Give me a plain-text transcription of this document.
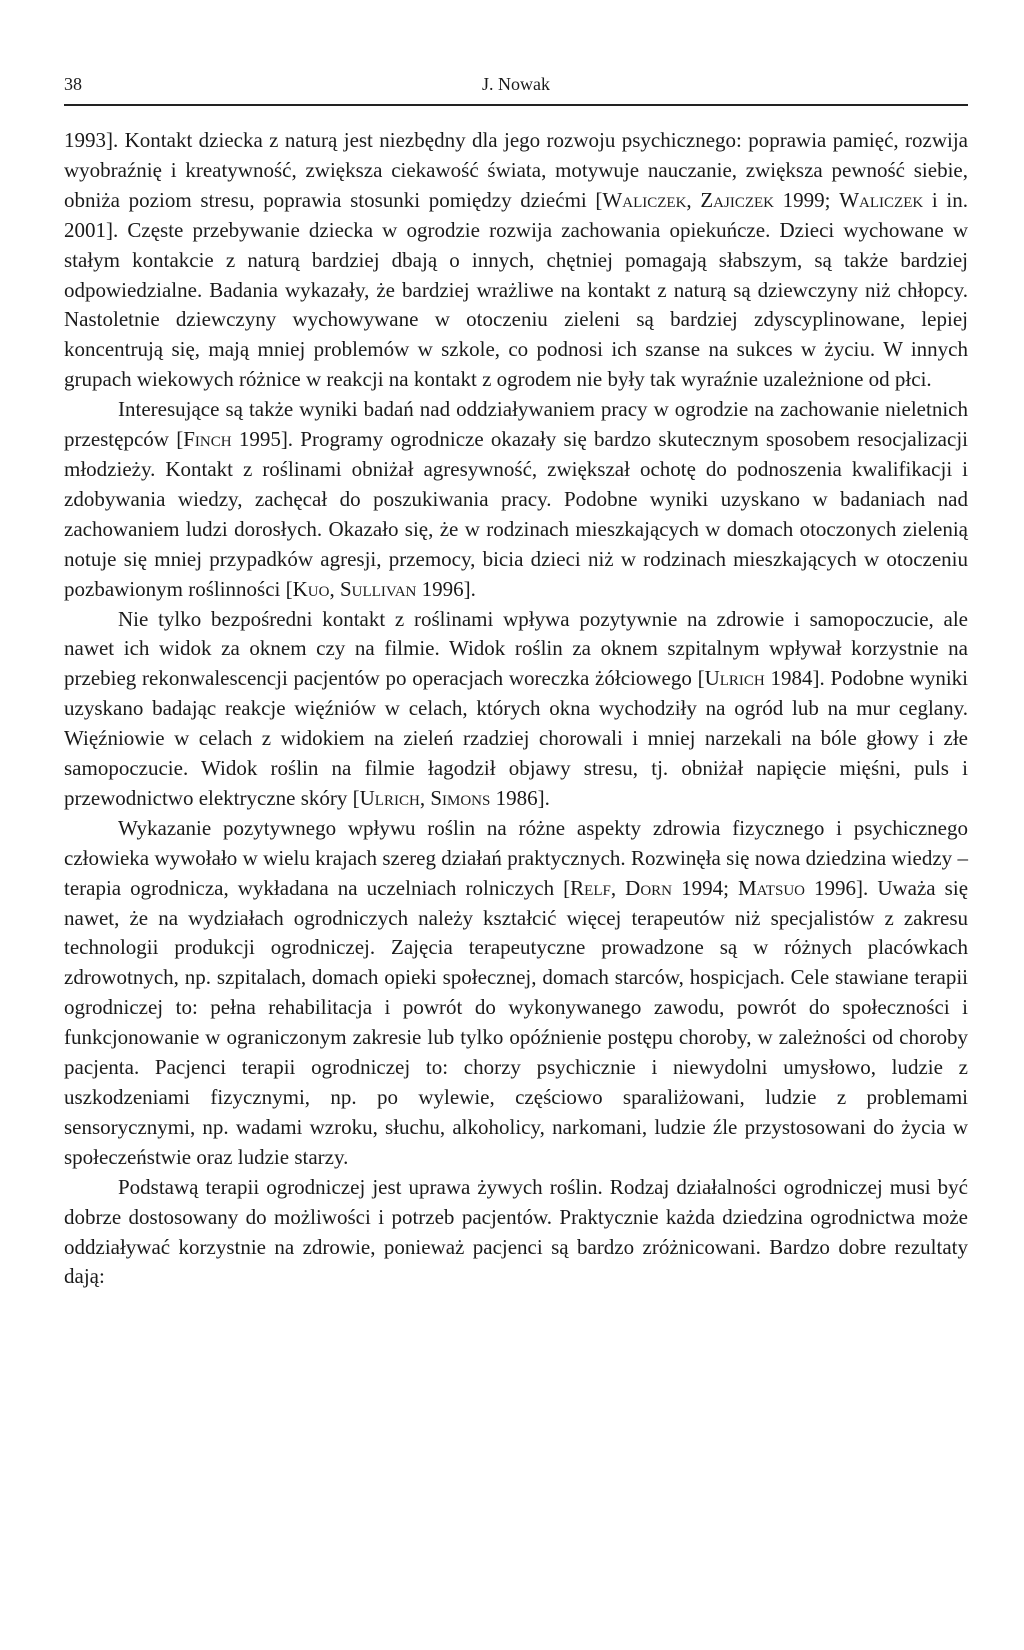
38	J. Nowak

1993]. Kontakt dziecka z naturą jest niezbędny dla jego rozwoju psychicznego: poprawia pamięć, rozwija wyobraźnię i kreatywność, zwiększa ciekawość świata, motywuje nauczanie, zwiększa pewność siebie, obniża poziom stresu, poprawia stosunki pomiędzy dziećmi [Waliczek, Zajiczek 1999; Waliczek i in. 2001]. Częste przebywanie dziecka w ogrodzie rozwija zachowania opiekuńcze. Dzieci wychowane w stałym kontakcie z naturą bardziej dbają o innych, chętniej pomagają słabszym, są także bardziej odpowiedzialne. Badania wykazały, że bardziej wrażliwe na kontakt z naturą są dziewczyny niż chłopcy. Nastoletnie dziewczyny wychowywane w otoczeniu zieleni są bardziej zdyscyplinowane, lepiej koncentrują się, mają mniej problemów w szkole, co podnosi ich szanse na sukces w życiu. W innych grupach wiekowych różnice w reakcji na kontakt z ogrodem nie były tak wyraźnie uzależnione od płci.

Interesujące są także wyniki badań nad oddziaływaniem pracy w ogrodzie na zachowanie nieletnich przestępców [Finch 1995]. Programy ogrodnicze okazały się bardzo skutecznym sposobem resocjalizacji młodzieży. Kontakt z roślinami obniżał agresywność, zwiększał ochotę do podnoszenia kwalifikacji i zdobywania wiedzy, zachęcał do poszukiwania pracy. Podobne wyniki uzyskano w badaniach nad zachowaniem ludzi dorosłych. Okazało się, że w rodzinach mieszkających w domach otoczonych zielenią notuje się mniej przypadków agresji, przemocy, bicia dzieci niż w rodzinach mieszkających w otoczeniu pozbawionym roślinności [Kuo, Sullivan 1996].

Nie tylko bezpośredni kontakt z roślinami wpływa pozytywnie na zdrowie i samopoczucie, ale nawet ich widok za oknem czy na filmie. Widok roślin za oknem szpitalnym wpływał korzystnie na przebieg rekonwalescencji pacjentów po operacjach woreczka żółciowego [Ulrich 1984]. Podobne wyniki uzyskano badając reakcje więźniów w celach, których okna wychodziły na ogród lub na mur ceglany. Więźniowie w celach z widokiem na zieleń rzadziej chorowali i mniej narzekali na bóle głowy i złe samopoczucie. Widok roślin na filmie łagodził objawy stresu, tj. obniżał napięcie mięśni, puls i przewodnictwo elektryczne skóry [Ulrich, Simons 1986].

Wykazanie pozytywnego wpływu roślin na różne aspekty zdrowia fizycznego i psychicznego człowieka wywołało w wielu krajach szereg działań praktycznych. Rozwinęła się nowa dziedzina wiedzy – terapia ogrodnicza, wykładana na uczelniach rolniczych [Relf, Dorn 1994; Matsuo 1996]. Uważa się nawet, że na wydziałach ogrodniczych należy kształcić więcej terapeutów niż specjalistów z zakresu technologii produkcji ogrodniczej. Zajęcia terapeutyczne prowadzone są w różnych placówkach zdrowotnych, np. szpitalach, domach opieki społecznej, domach starców, hospicjach. Cele stawiane terapii ogrodniczej to: pełna rehabilitacja i powrót do wykonywanego zawodu, powrót do społeczności i funkcjonowanie w ograniczonym zakresie lub tylko opóźnienie postępu choroby, w zależności od choroby pacjenta. Pacjenci terapii ogrodniczej to: chorzy psychicznie i niewydolni umysłowo, ludzie z uszkodzeniami fizycznymi, np. po wylewie, częściowo sparaliżowani, ludzie z problemami sensorycznymi, np. wadami wzroku, słuchu, alkoholicy, narkomani, ludzie źle przystosowani do życia w społeczeństwie oraz ludzie starzy.

Podstawą terapii ogrodniczej jest uprawa żywych roślin. Rodzaj działalności ogrodniczej musi być dobrze dostosowany do możliwości i potrzeb pacjentów. Praktycznie każda dziedzina ogrodnictwa może oddziaływać korzystnie na zdrowie, ponieważ pacjenci są bardzo zróżnicowani. Bardzo dobre rezultaty dają:
